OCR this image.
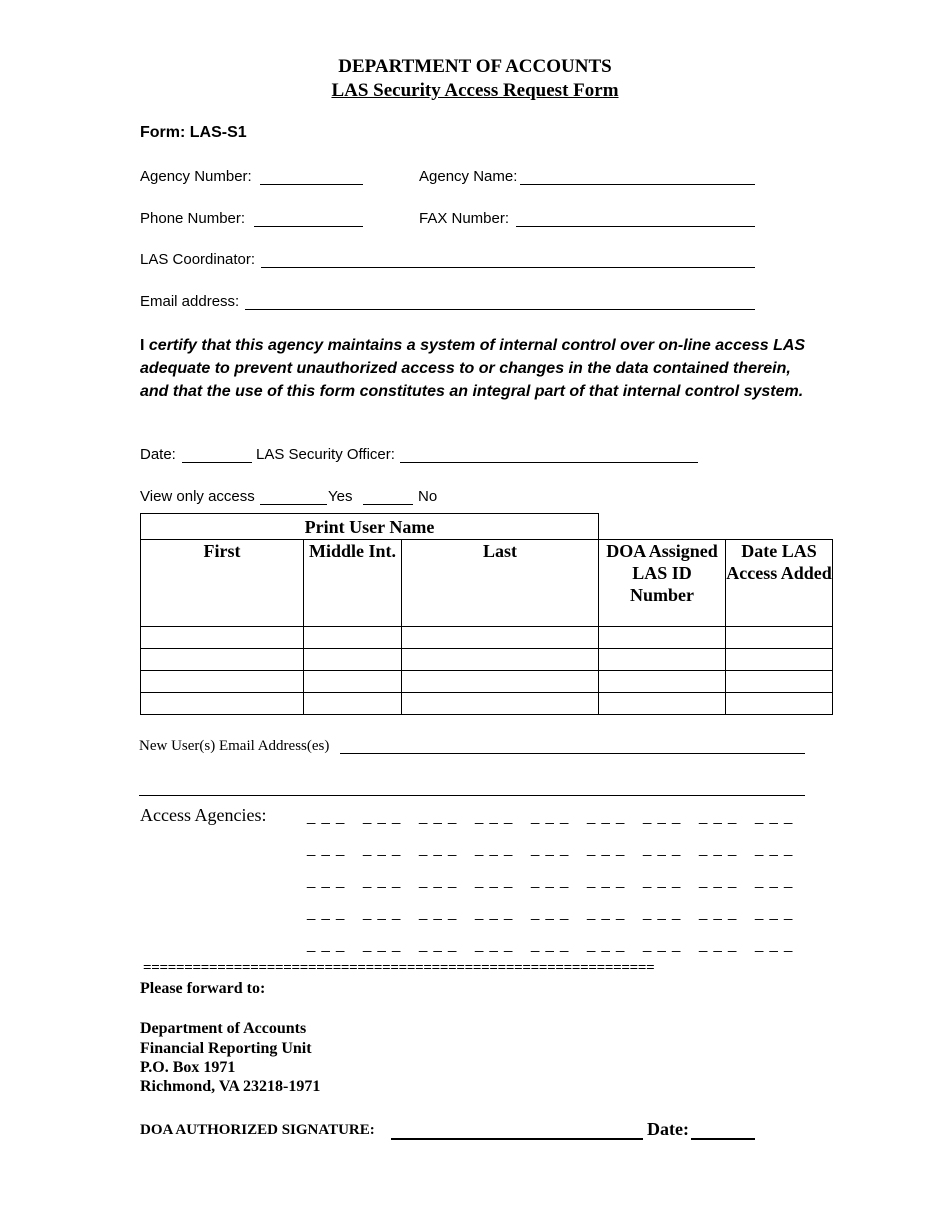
DEPARTMENT OF ACCOUNTS
LAS Security Access Request Form
Form: LAS-S1
Agency Number:	Agency Name:
Phone Number:	FAX Number:
LAS Coordinator:
Email address:
I certify that this agency maintains a system of internal control over on-line access LAS adequate to prevent unauthorized access to or changes in the data contained therein, and that the use of this form constitutes an integral part of that internal control system.
Date:	LAS Security Officer:
View only access	Yes	No
Print User Name				
First	Middle Int.	Last	DOA Assigned LAS ID Number	Date LAS Access Added

New User(s) Email Address(es)
Access Agencies:	_ _ _ _ _ _ _ _ _ _ _ _ _ _ _ _ _ _ _ _ _ _ _ _ _ _ _
_ _ _ _ _ _ _ _ _ _ _ _ _ _ _ _ _ _ _ _ _ _ _ _ _ _ _
_ _ _ _ _ _ _ _ _ _ _ _ _ _ _ _ _ _ _ _ _ _ _ _ _ _ _
_ _ _ _ _ _ _ _ _ _ _ _ _ _ _ _ _ _ _ _ _ _ _ _ _ _ _
_ _ _ _ _ _ _ _ _ _ _ _ _ _ _ _ _ _ _ _ _ _ _ _ _ _ _
==============================================================
Please forward to:
Department of Accounts
Financial Reporting Unit
P.O. Box 1971
Richmond, VA 23218-1971
DOA AUTHORIZED SIGNATURE:	Date:
